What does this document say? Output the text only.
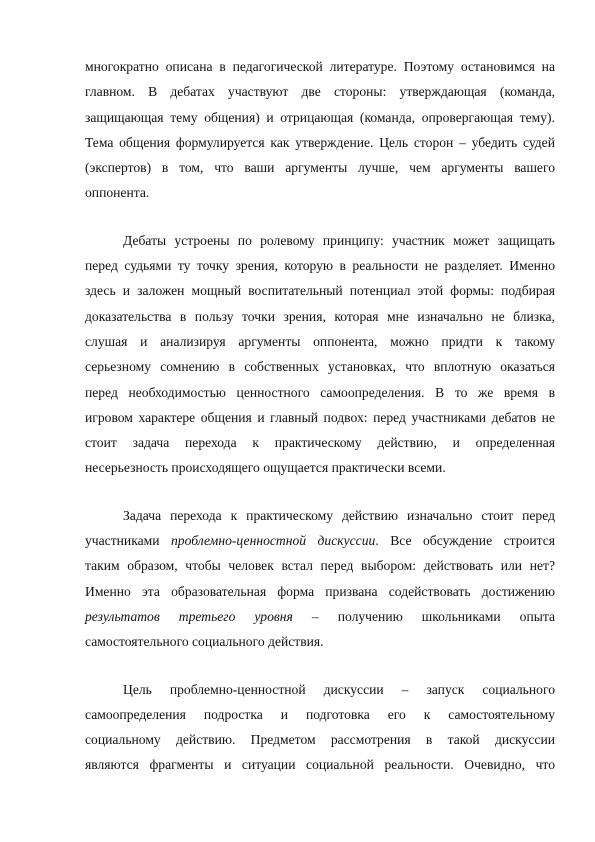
многократно описана в педагогической литературе. Поэтому остановимся на
главном. В дебатах участвуют две стороны: утверждающая (команда,
защищающая тему общения) и отрицающая (команда, опровергающая тему).
Тема общения формулируется как утверждение. Цель сторон – убедить судей
(экспертов) в том, что ваши аргументы лучше, чем аргументы вашего
оппонента.
Дебаты устроены по ролевому принципу: участник может защищать
перед судьями ту точку зрения, которую в реальности не разделяет. Именно
здесь и заложен мощный воспитательный потенциал этой формы: подбирая
доказательства в пользу точки зрения, которая мне изначально не близка,
слушая и анализируя аргументы оппонента, можно придти к такому
серьезному сомнению в собственных установках, что вплотную оказаться
перед необходимостью ценностного самоопределения. В то же время в
игровом характере общения и главный подвох: перед участниками дебатов не
стоит задача перехода к практическому действию, и определенная
несерьезность происходящего ощущается практически всеми.
Задача перехода к практическому действию изначально стоит перед
участниками проблемно-ценностной дискуссии. Все обсуждение строится
таким образом, чтобы человек встал перед выбором: действовать или нет?
Именно эта образовательная форма призвана содействовать достижению
результатов третьего уровня – получению школьниками опыта
самостоятельного социального действия.
Цель проблемно-ценностной дискуссии – запуск социального
самоопределения подростка и подготовка его к самостоятельному
социальному действию. Предметом рассмотрения в такой дискуссии
являются фрагменты и ситуации социальной реальности. Очевидно, что
